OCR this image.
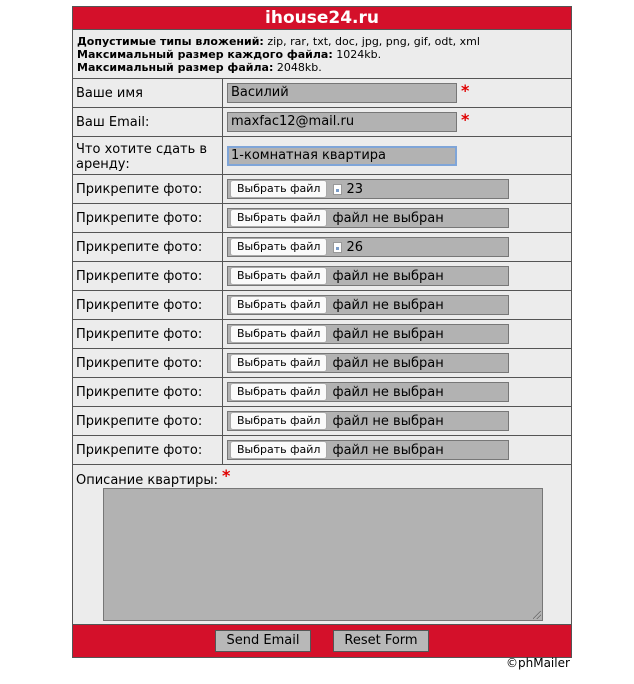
ihouse24.ru
Допустимые типы вложений: zip, rar, txt, doc, jpg, png, gif, odt, xml
Максимальный размер каждого файла: 1024kb.
Максимальный размер файла: 2048kb.
Ваше имя	Василий	*
Ваш Email:	maxfac12@mail.ru	*
Что хотите сдать в аренду:
1-комнатная квартира
Прикрепите фото:	Выбрать файл	23
Прикрепите фото:	Выбрать файл файл не выбран
Прикрепите фото:	Выбрать файл	26
Прикрепите фото:	Выбрать файл файл не выбран
Прикрепите фото:	Выбрать файл файл не выбран
Прикрепите фото:	Выбрать файл файл не выбран
Прикрепите фото:	Выбрать файл файл не выбран
Прикрепите фото:	Выбрать файл файл не выбран
Прикрепите фото:	Выбрать файл файл не выбран
Прикрепите фото:	Выбрать файл файл не выбран
Описание квартиры: *
Send Email	Reset Form
©phMailer
